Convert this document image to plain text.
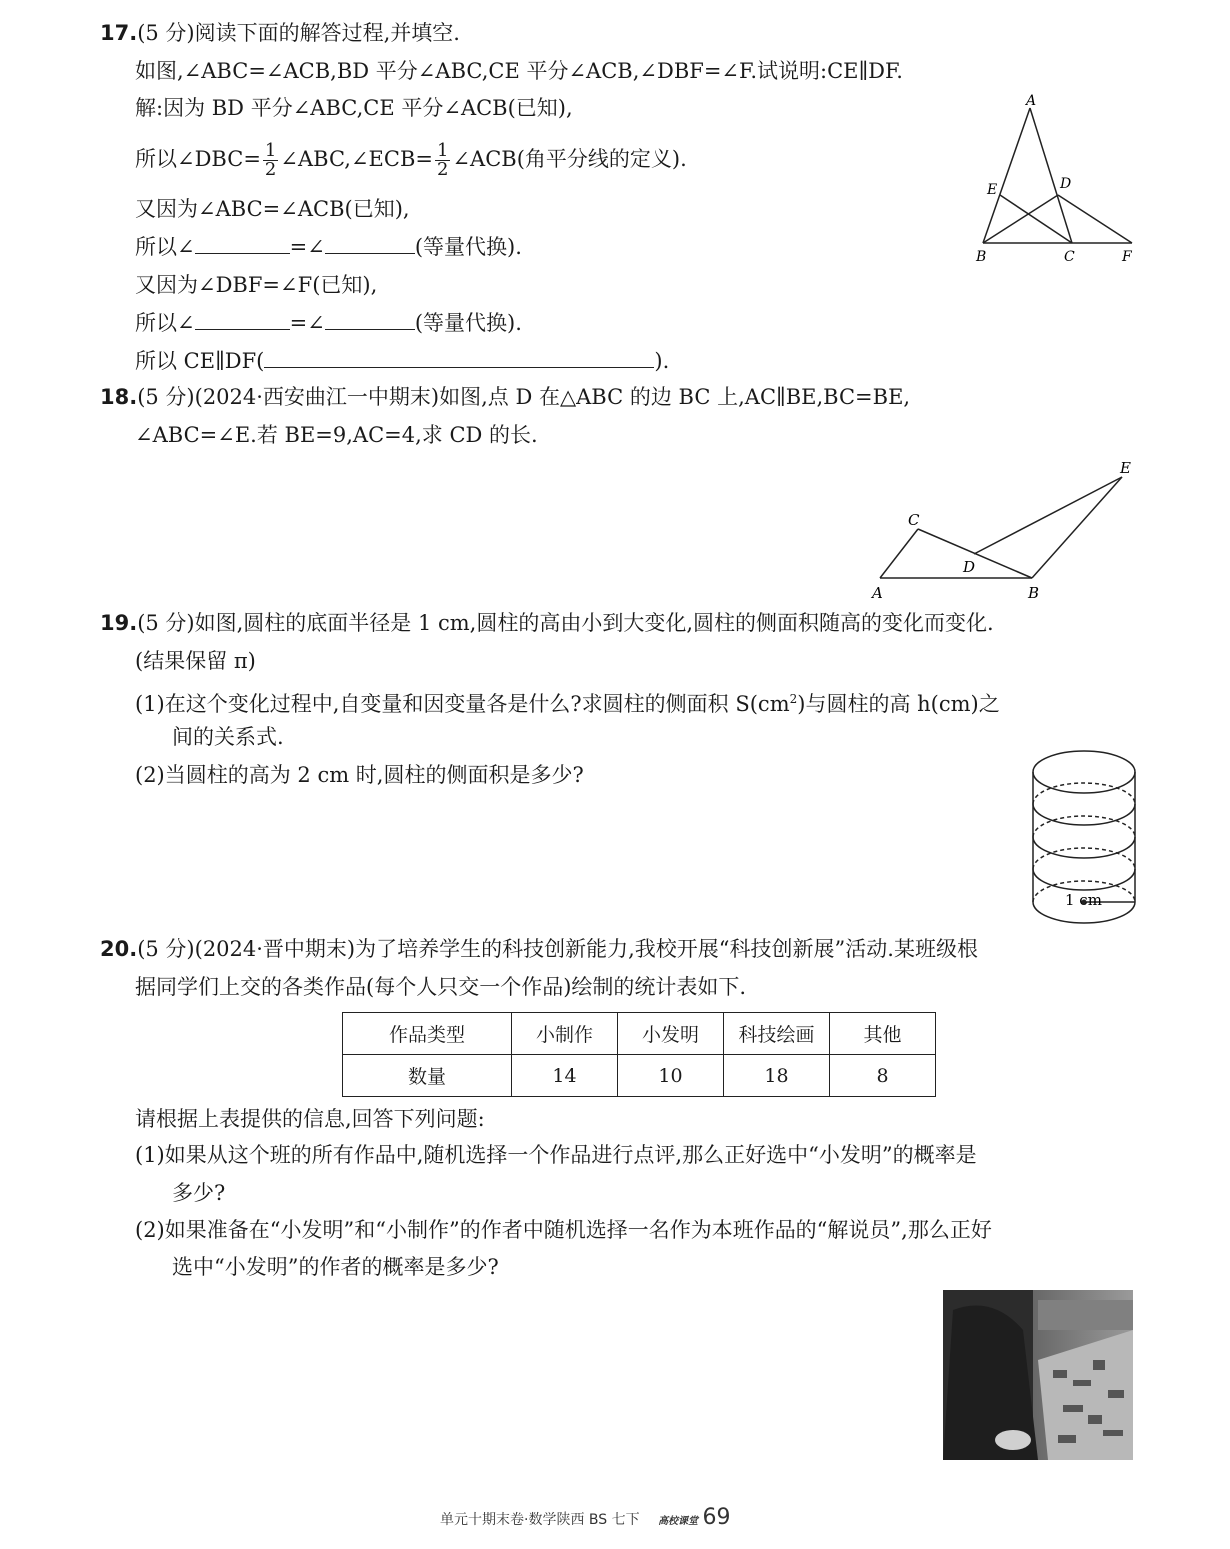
17.(5 分)阅读下面的解答过程,并填空.
如图,∠ABC=∠ACB,BD 平分∠ABC,CE 平分∠ACB,∠DBF=∠F.试说明:CE∥DF.
解:因为 BD 平分∠ABC,CE 平分∠ACB(已知),
所以∠DBC= $\frac{1}{2}$ ∠ABC,∠ECB= $\frac{1}{2}$ ∠ACB(角平分线的定义).
又因为∠ABC=∠ACB(已知),
所以∠	=∠	(等量代换).
又因为∠DBF=∠F(已知),
所以∠	=∠	(等量代换).
所以 CE∥DF(	).
A
E	D
B	C	F
18.(5 分)(2024·西安曲江一中期末)如图,点 D 在△ABC 的边 BC 上,AC∥BE,BC=BE,
∠ABC=∠E.若 BE=9,AC=4,求 CD 的长.
A
C
D
B
E
19.(5 分)如图,圆柱的底面半径是 1 cm,圆柱的高由小到大变化,圆柱的侧面积随高的变化而变化.
(结果保留 π)
(1)在这个变化过程中,自变量和因变量各是什么?求圆柱的侧面积 $S(cm^2)$与圆柱的高 h(cm)之
间的关系式.
(2)当圆柱的高为 2 cm 时,圆柱的侧面积是多少?
1 cm
20.(5 分)(2024·晋中期末)为了培养学生的科技创新能力,我校开展“科技创新展”活动.某班级根
据同学们上交的各类作品(每个人只交一个作品)绘制的统计表如下.
作品类型	小制作	小发明	科技绘画	其他
数量	14	10	18	8
请根据上表提供的信息,回答下列问题:
(1)如果从这个班的所有作品中,随机选择一个作品进行点评,那么正好选中“小发明”的概率是
多少?
(2)如果准备在“小发明”和“小制作”的作者中随机选择一名作为本班作品的“解说员”,那么正好
选中“小发明”的作者的概率是多少?
单元十期末卷·数学陕西 BS 七下 高校课堂 69
